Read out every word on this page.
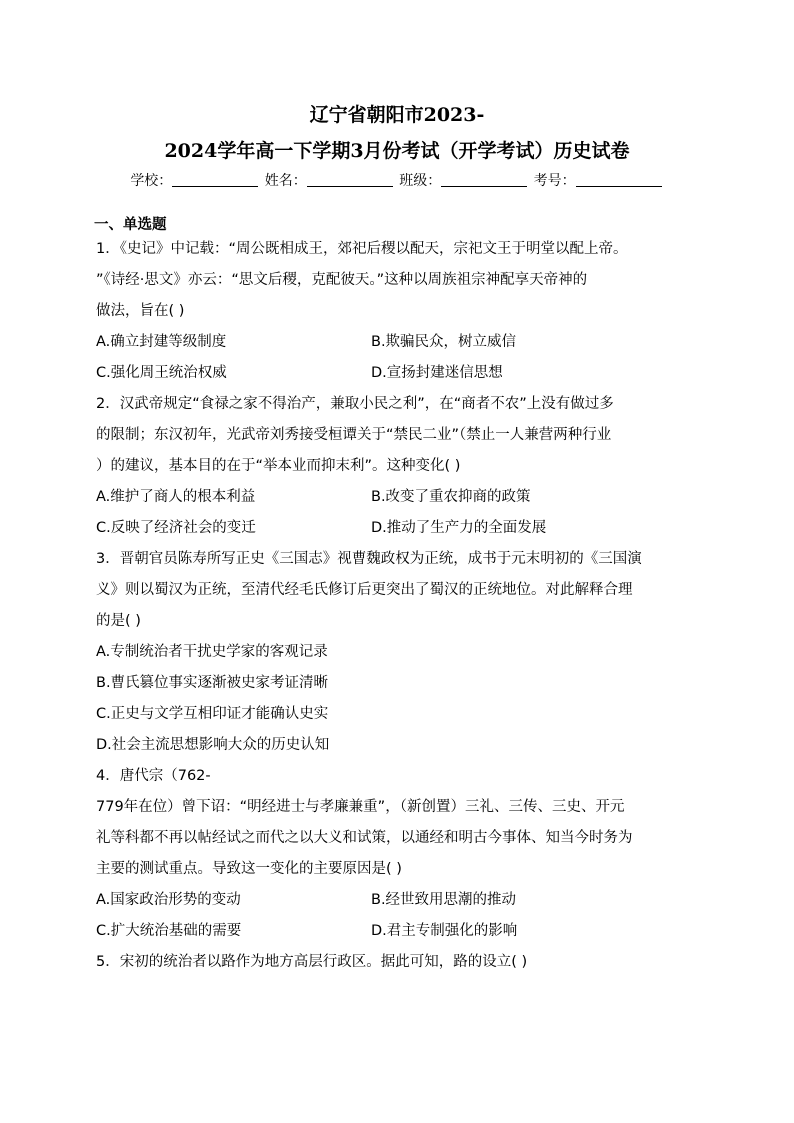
辽宁省朝阳市2023-
2024学年高一下学期3月份考试（开学考试）历史试卷
学校：	姓名：	班级：	考号：
一、单选题
1．《史记》中记载：“周公既相成王，郊祀后稷以配天，宗祀文王于明堂以配上帝。
”《诗经·思文》亦云：“思文后稷，克配彼天。”这种以周族祖宗神配享天帝神的
做法，旨在( )
A.确立封建等级制度	B.欺骗民众，树立威信
C.强化周王统治权威	D.宣扬封建迷信思想
2．汉武帝规定“食禄之家不得治产，兼取小民之利”，在“商者不农”上没有做过多
的限制；东汉初年，光武帝刘秀接受桓谭关于“禁民二业”（禁止一人兼营两种行业
）的建议，基本目的在于“举本业而抑末利”。这种变化( )
A.维护了商人的根本利益	B.改变了重农抑商的政策
C.反映了经济社会的变迁	D.推动了生产力的全面发展
3．晋朝官员陈寿所写正史《三国志》视曹魏政权为正统，成书于元末明初的《三国演
义》则以蜀汉为正统，至清代经毛氏修订后更突出了蜀汉的正统地位。对此解释合理
的是( )
A.专制统治者干扰史学家的客观记录
B.曹氏篡位事实逐渐被史家考证清晰
C.正史与文学互相印证才能确认史实
D.社会主流思想影响大众的历史认知
4．唐代宗（762-
779年在位）曾下诏：“明经进士与孝廉兼重”，（新创置）三礼、三传、三史、开元
礼等科都不再以帖经试之而代之以大义和试策，以通经和明古今事体、知当今时务为
主要的测试重点。导致这一变化的主要原因是( )
A.国家政治形势的变动	B.经世致用思潮的推动
C.扩大统治基础的需要	D.君主专制强化的影响
5．宋初的统治者以路作为地方高层行政区。据此可知，路的设立( )
